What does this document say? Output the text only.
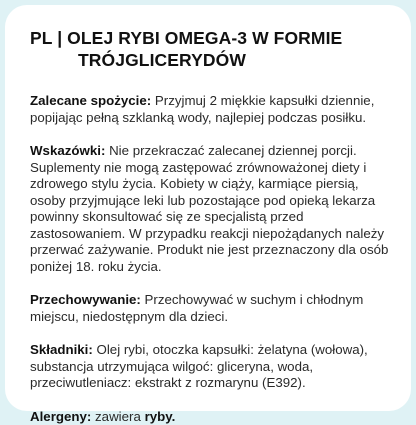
PL | OLEJ RYBI OMEGA-3 W FORMIE
TRÓJGLICERYDÓW

Zalecane spożycie: Przyjmuj 2 miękkie kapsułki dziennie, popijając pełną szklanką wody, najlepiej podczas posiłku.

Wskazówki: Nie przekraczać zalecanej dziennej porcji. Suplementy nie mogą zastępować zrównoważonej diety i zdrowego stylu życia. Kobiety w ciąży, karmiące piersią, osoby przyjmujące leki lub pozostające pod opieką lekarza powinny skonsultować się ze specjalistą przed zastosowaniem. W przypadku reakcji niepożądanych należy przerwać zażywanie. Produkt nie jest przeznaczony dla osób poniżej 18. roku życia.

Przechowywanie: Przechowywać w suchym i chłodnym miejscu, niedostępnym dla dzieci.

Składniki: Olej rybi, otoczka kapsułki: żelatyna (wołowa), substancja utrzymująca wilgoć: gliceryna, woda, przeciwutleniacz: ekstrakt z rozmarynu (E392).

Alergeny: zawiera ryby.
